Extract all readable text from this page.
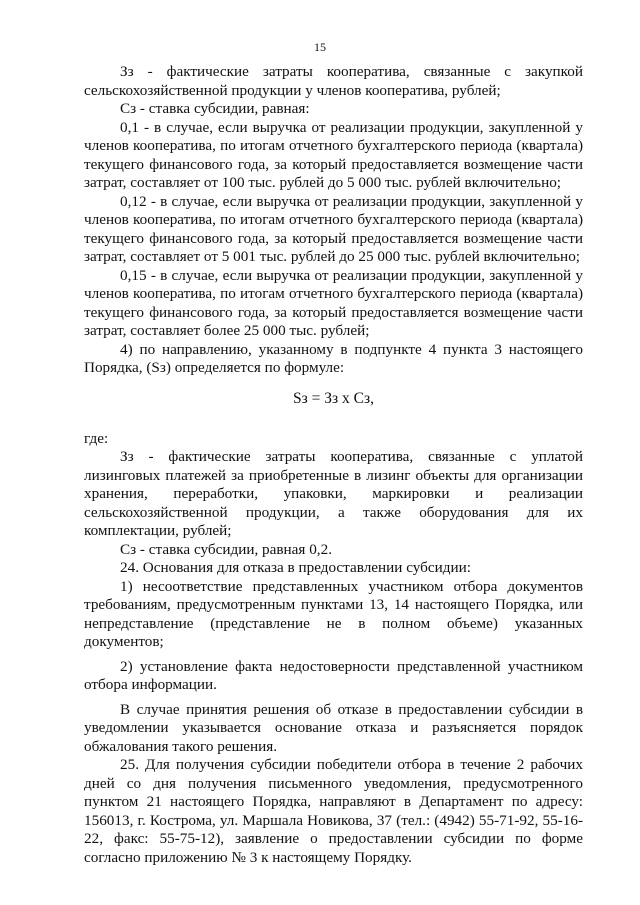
15

Зз - фактические затраты кооператива, связанные с закупкой сельскохозяйственной продукции у членов кооператива, рублей;

Сз - ставка субсидии, равная:

0,1 - в случае, если выручка от реализации продукции, закупленной у членов кооператива, по итогам отчетного бухгалтерского периода (квартала) текущего финансового года, за который предоставляется возмещение части затрат, составляет от 100 тыс. рублей до 5 000 тыс. рублей включительно;

0,12 - в случае, если выручка от реализации продукции, закупленной у членов кооператива, по итогам отчетного бухгалтерского периода (квартала) текущего финансового года, за который предоставляется возмещение части затрат, составляет от 5 001 тыс. рублей до 25 000 тыс. рублей включительно;

0,15 - в случае, если выручка от реализации продукции, закупленной у членов кооператива, по итогам отчетного бухгалтерского периода (квартала) текущего финансового года, за который предоставляется возмещение части затрат, составляет более 25 000 тыс. рублей;

4) по направлению, указанному в подпункте 4 пункта 3 настоящего Порядка, (Sз) определяется по формуле:

Sз = Зз х Сз,

где:

Зз - фактические затраты кооператива, связанные с уплатой лизинговых платежей за приобретенные в лизинг объекты для организации хранения, переработки, упаковки, маркировки и реализации сельскохозяйственной продукции, а также оборудования для их комплектации, рублей;

Сз - ставка субсидии, равная 0,2.

24. Основания для отказа в предоставлении субсидии:

1) несоответствие представленных участником отбора документов требованиям, предусмотренным пунктами 13, 14 настоящего Порядка, или непредставление (представление не в полном объеме) указанных документов;

2) установление факта недостоверности представленной участником отбора информации.

В случае принятия решения об отказе в предоставлении субсидии в уведомлении указывается основание отказа и разъясняется порядок обжалования такого решения.

25. Для получения субсидии победители отбора в течение 2 рабочих дней со дня получения письменного уведомления, предусмотренного пунктом 21 настоящего Порядка, направляют в Департамент по адресу: 156013, г. Кострома, ул. Маршала Новикова, 37 (тел.: (4942) 55-71-92, 55-16-22, факс: 55-75-12), заявление о предоставлении субсидии по форме согласно приложению № 3 к настоящему Порядку.
